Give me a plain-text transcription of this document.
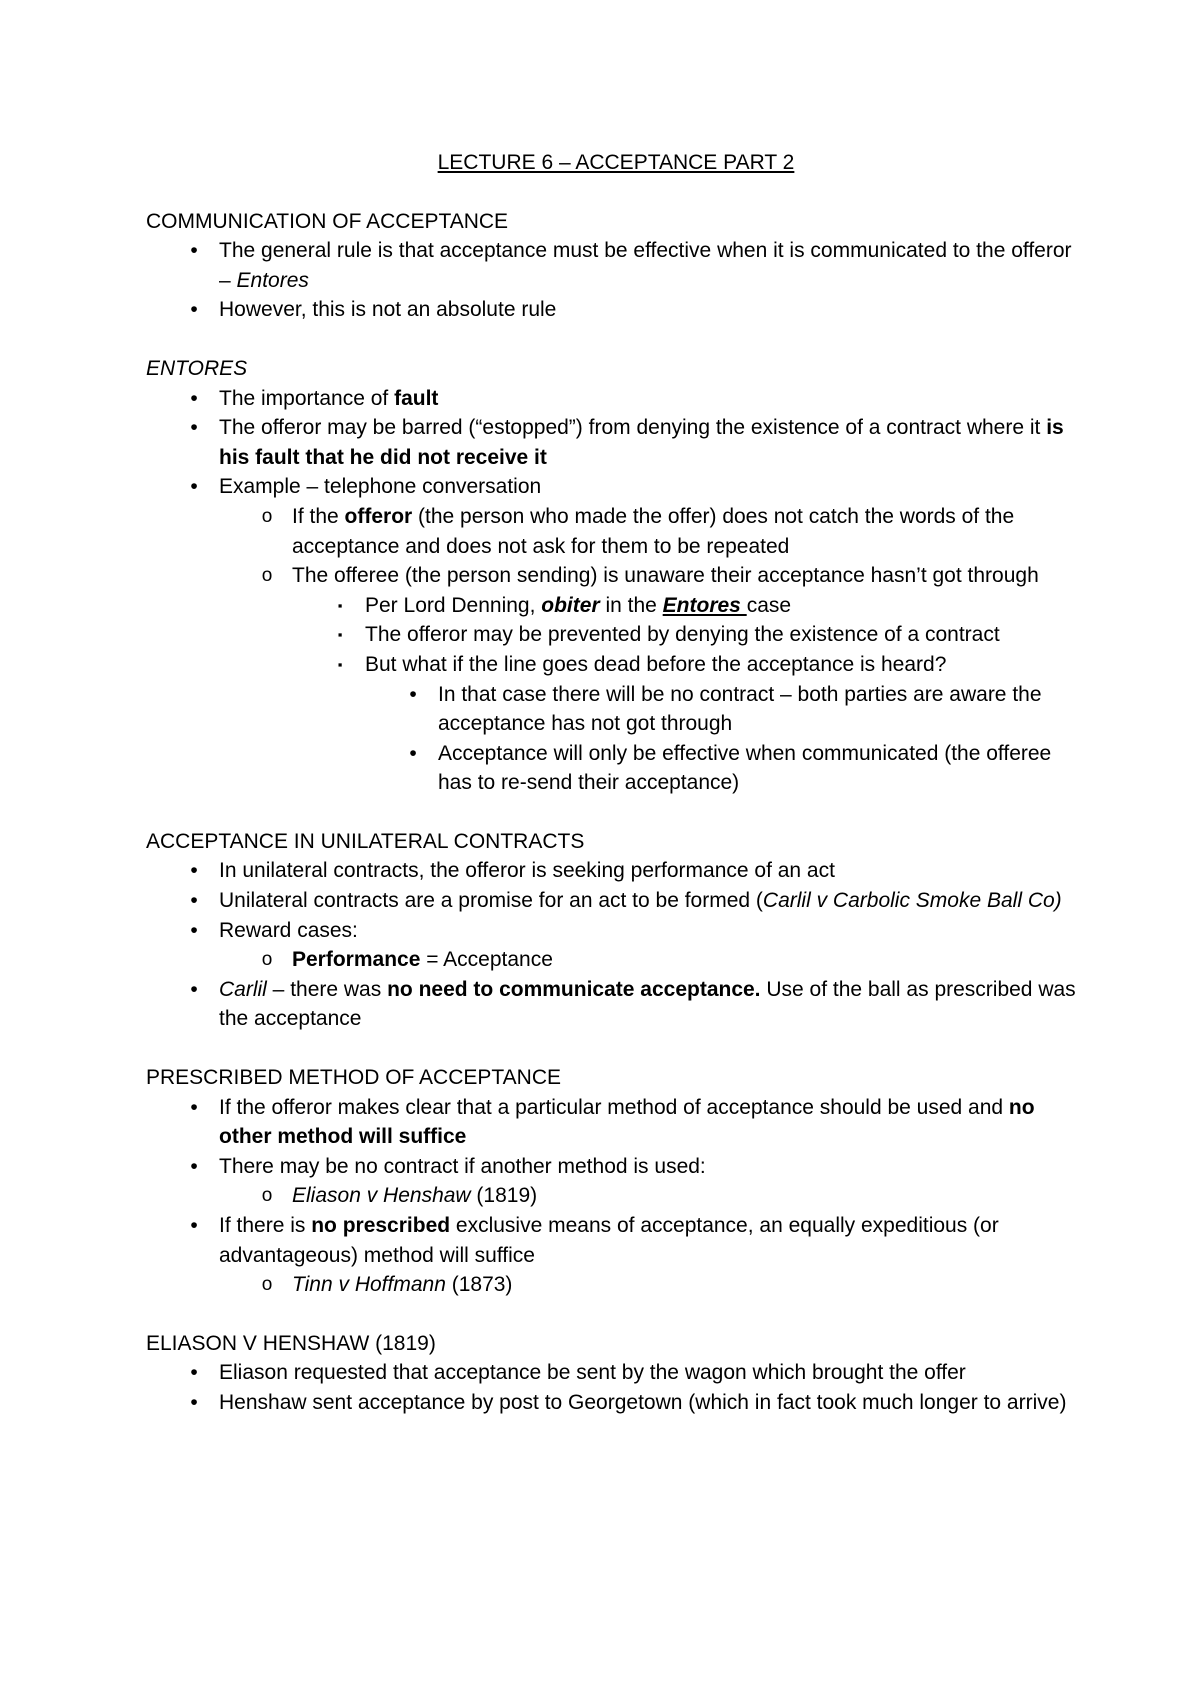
LECTURE 6 – ACCEPTANCE PART 2
COMMUNICATION OF ACCEPTANCE
•	The general rule is that acceptance must be effective when it is communicated to the offeror – Entores
•	However, this is not an absolute rule
ENTORES
•	The importance of fault
•	The offeror may be barred (“estopped”) from denying the existence of a contract where it is his fault that he did not receive it
•	Example – telephone conversation
o If the offeror (the person who made the offer) does not catch the words of the acceptance and does not ask for them to be repeated
o The offeree (the person sending) is unaware their acceptance hasn’t got through
▪	Per Lord Denning, obiter in the Entores case
▪	The offeror may be prevented by denying the existence of a contract
▪	But what if the line goes dead before the acceptance is heard?
•	In that case there will be no contract – both parties are aware the acceptance has not got through
•	Acceptance will only be effective when communicated (the offeree has to re-send their acceptance)
ACCEPTANCE IN UNILATERAL CONTRACTS
•	In unilateral contracts, the offeror is seeking performance of an act
•	Unilateral contracts are a promise for an act to be formed (Carlil v Carbolic Smoke Ball Co)
•	Reward cases:
o Performance = Acceptance
•	Carlil – there was no need to communicate acceptance. Use of the ball as prescribed was the acceptance
PRESCRIBED METHOD OF ACCEPTANCE
•	If the offeror makes clear that a particular method of acceptance should be used and no other method will suffice
•	There may be no contract if another method is used:
o Eliason v Henshaw (1819)
•	If there is no prescribed exclusive means of acceptance, an equally expeditious (or advantageous) method will suffice
o Tinn v Hoffmann (1873)
ELIASON V HENSHAW (1819)
•	Eliason requested that acceptance be sent by the wagon which brought the offer
•	Henshaw sent acceptance by post to Georgetown (which in fact took much longer to arrive)
